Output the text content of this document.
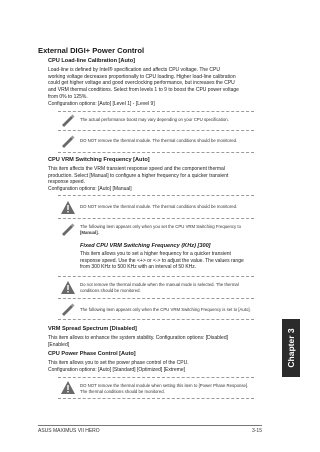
External DIGI+ Power Control
CPU Load-line Calibration [Auto]
Load-line is defined by Intel® specification and affects CPU voltage. The CPU
working voltage decreases proportionally to CPU loading. Higher load-line calibration
could get higher voltage and good overclocking performance, but increases the CPU
and VRM thermal conditions. Select from levels 1 to 9 to boost the CPU power voltage
from 0% to 125%.
Configuration options: [Auto] [Level 1] - [Level 9]
The actual performance boost may vary depending on your CPU specification.
DO NOT remove the thermal module. The thermal conditions should be monitored.
CPU VRM Switching Frequency [Auto]
This item affects the VRM transient response speed and the component thermal
production. Select [Manual] to configure a higher frequency for a quicker transient
response speed.
Configuration options: [Auto] [Manual]
DO NOT remove the thermal module. The thermal conditions should be monitored.
The following item appears only when you set the CPU VRM Switching Frequency to
[Manual].
Fixed CPU VRM Switching Frequency (KHz) [300]
This item allows you to set a higher frequency for a quicker transient
response speed. Use the <+> or <-> to adjust the value. The values range
from 300 KHz to 500 KHz with an interval of 50 KHz.
Do not remove the thermal module when the manual mode is selected. The thermal
conditions should be monitored.
The following item appears only when the CPU VRM Switching Frequency is set to [Auto].
VRM Spread Spectrum [Disabled]
This item allows to enhance the system stability. Configuration options: [Disabled]
[Enabled]
CPU Power Phase Control [Auto]
This item allows you to set the power phase control of the CPU.
Configuration options: [Auto] [Standard] [Optimized] [Extreme]
DO NOT remove the thermal module when setting this item to [Power Phase Response].
The thermal conditions should be monitored.
Chapter 3
ASUS MAXIMUS VII HERO	3-15
